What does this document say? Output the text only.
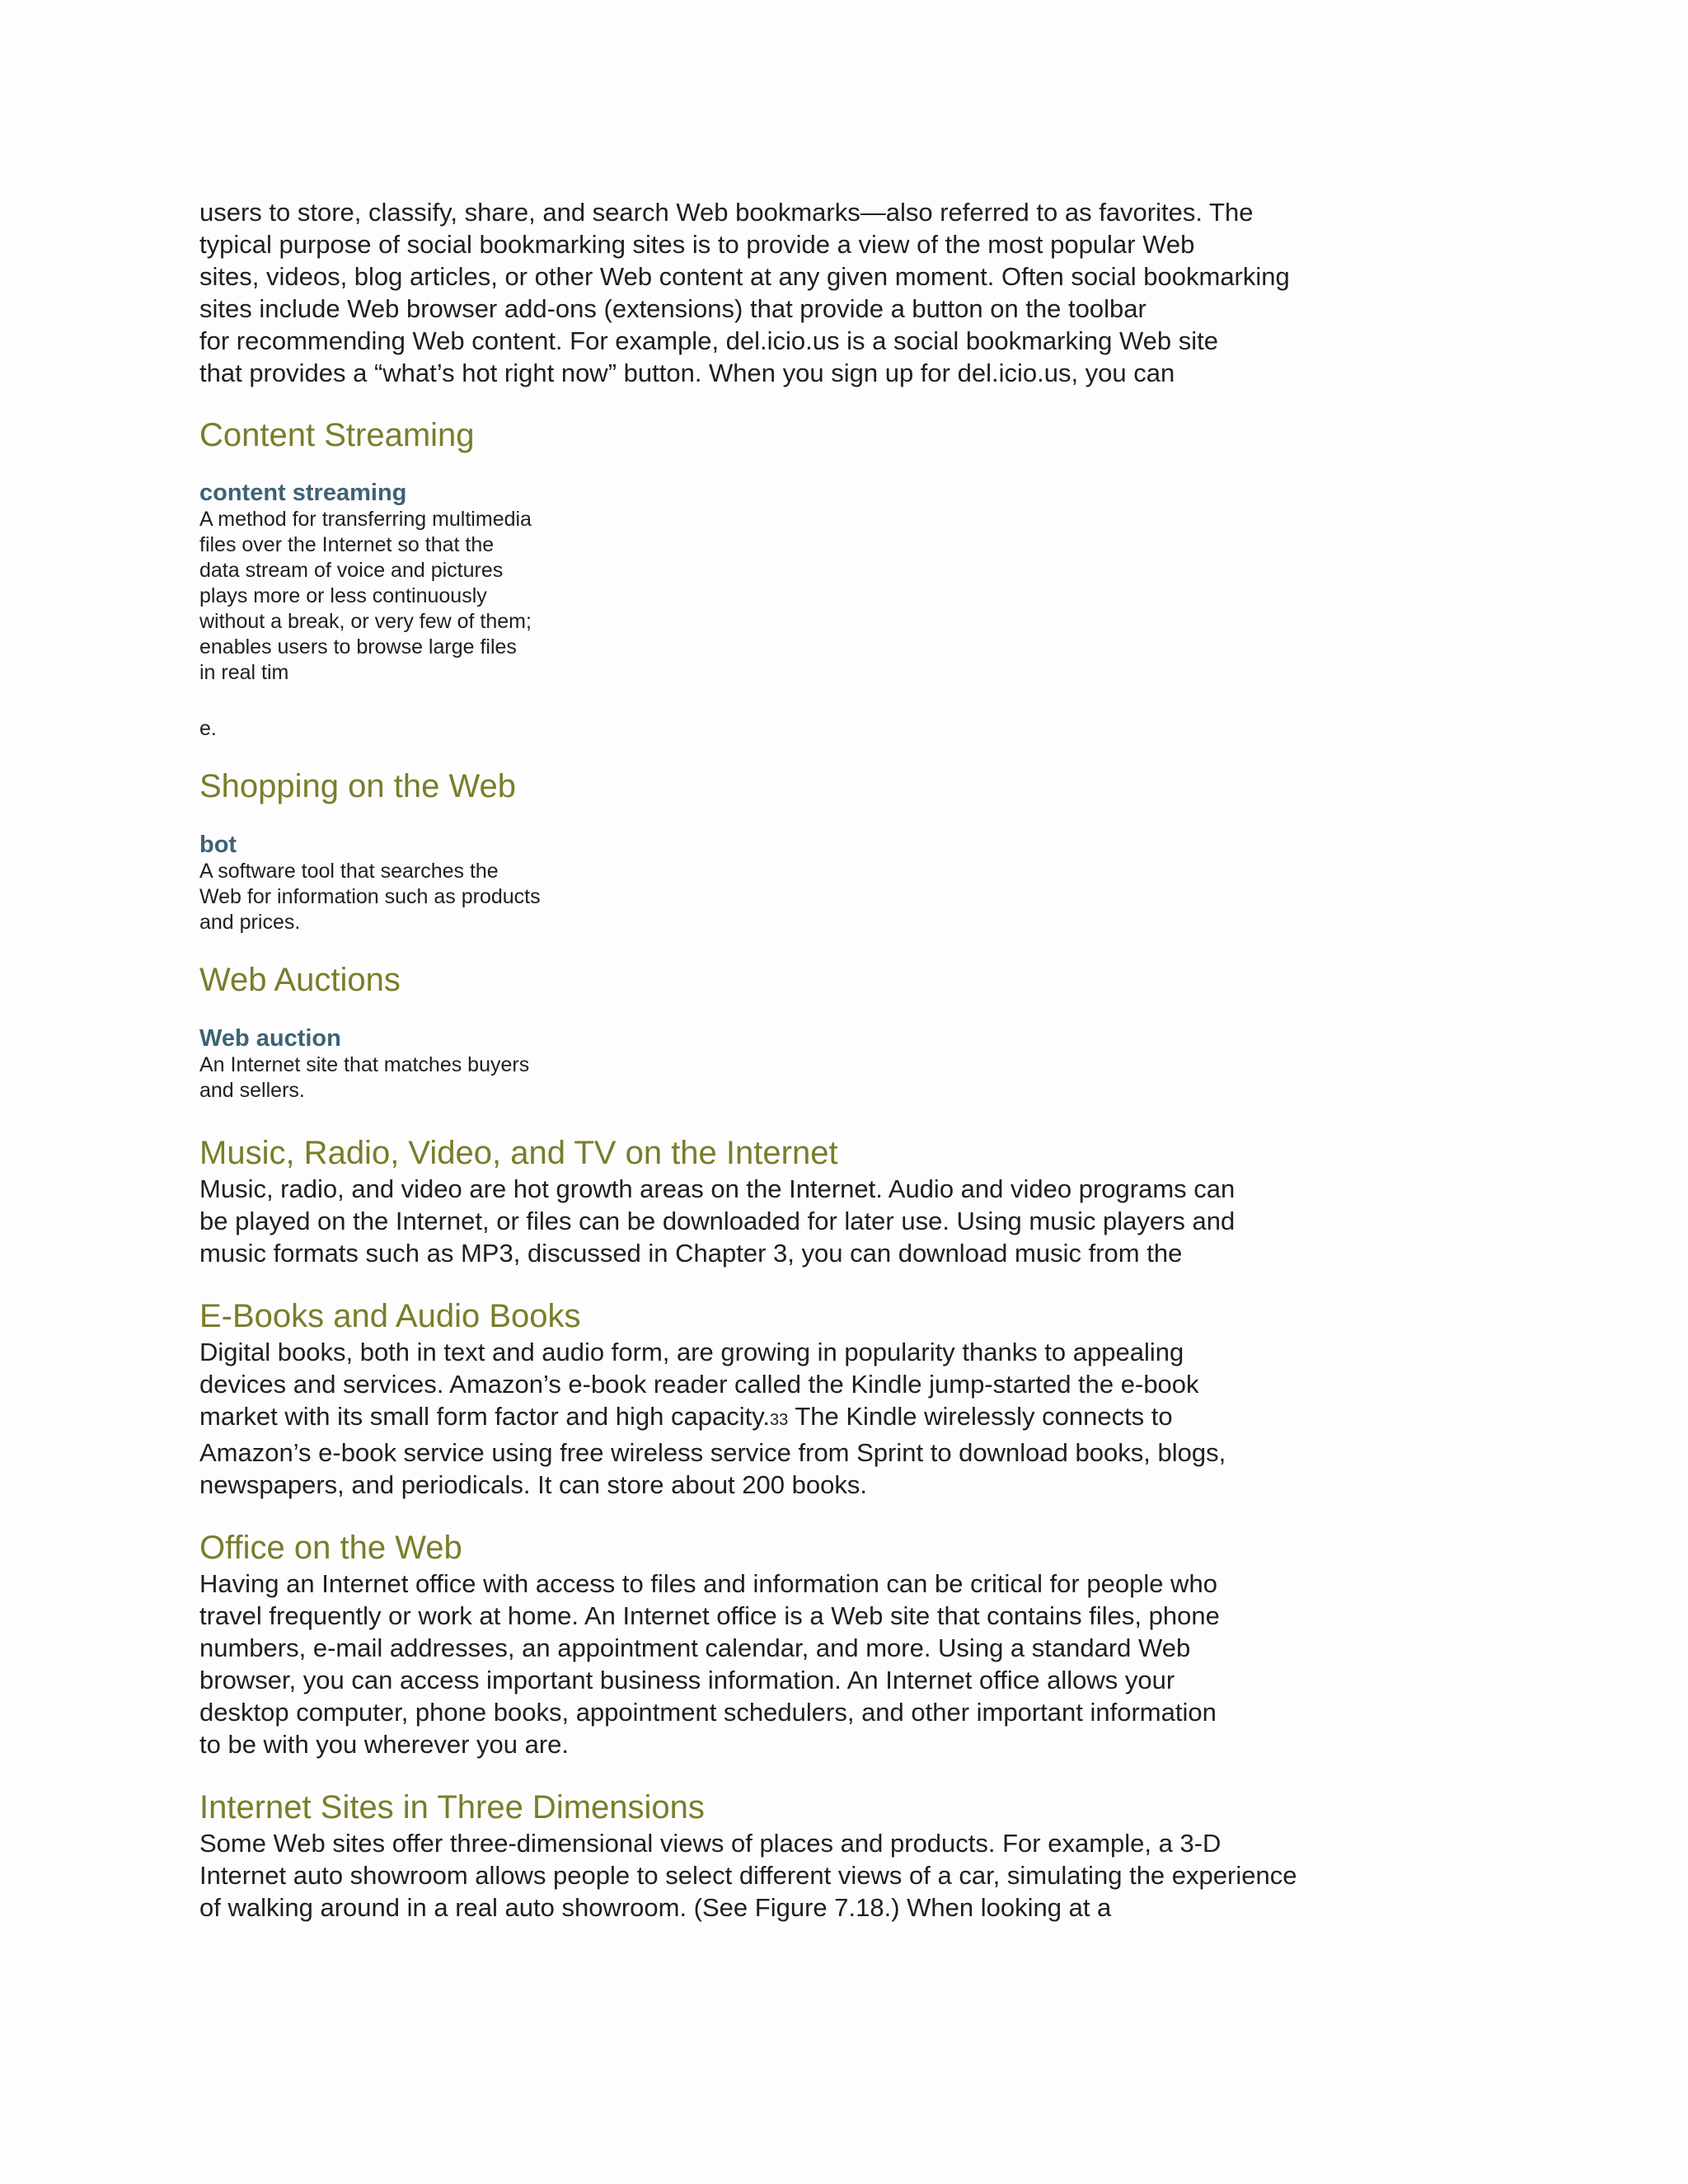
users to store, classify, share, and search Web bookmarks—also referred to as favorites. The

typical purpose of social bookmarking sites is to provide a view of the most popular Web

sites, videos, blog articles, or other Web content at any given moment. Often social bookmarking

sites include Web browser add-ons (extensions) that provide a button on the toolbar

for recommending Web content. For example, del.icio.us is a social bookmarking Web site

that provides a “what’s hot right now” button. When you sign up for del.icio.us, you can

Content Streaming

content streaming

A method for transferring multimedia

files over the Internet so that the

data stream of voice and pictures

plays more or less continuously

without a break, or very few of them;

enables users to browse large files

in real tim

e.

Shopping on the Web

bot

A software tool that searches the

Web for information such as products

and prices.

Web Auctions

Web auction

An Internet site that matches buyers

and sellers.

Music, Radio, Video, and TV on the Internet

Music, radio, and video are hot growth areas on the Internet. Audio and video programs can

be played on the Internet, or files can be downloaded for later use. Using music players and

music formats such as MP3, discussed in Chapter 3, you can download music from the

E-Books and Audio Books

Digital books, both in text and audio form, are growing in popularity thanks to appealing

devices and services. Amazon’s e-book reader called the Kindle jump-started the e-book

market with its small form factor and high capacity.33 The Kindle wirelessly connects to

Amazon’s e-book service using free wireless service from Sprint to download books, blogs,

newspapers, and periodicals. It can store about 200 books.

Office on the Web

Having an Internet office with access to files and information can be critical for people who

travel frequently or work at home. An Internet office is a Web site that contains files, phone

numbers, e-mail addresses, an appointment calendar, and more. Using a standard Web

browser, you can access important business information. An Internet office allows your

desktop computer, phone books, appointment schedulers, and other important information

to be with you wherever you are.

Internet Sites in Three Dimensions

Some Web sites offer three-dimensional views of places and products. For example, a 3-D

Internet auto showroom allows people to select different views of a car, simulating the experience

of walking around in a real auto showroom. (See Figure 7.18.) When looking at a
